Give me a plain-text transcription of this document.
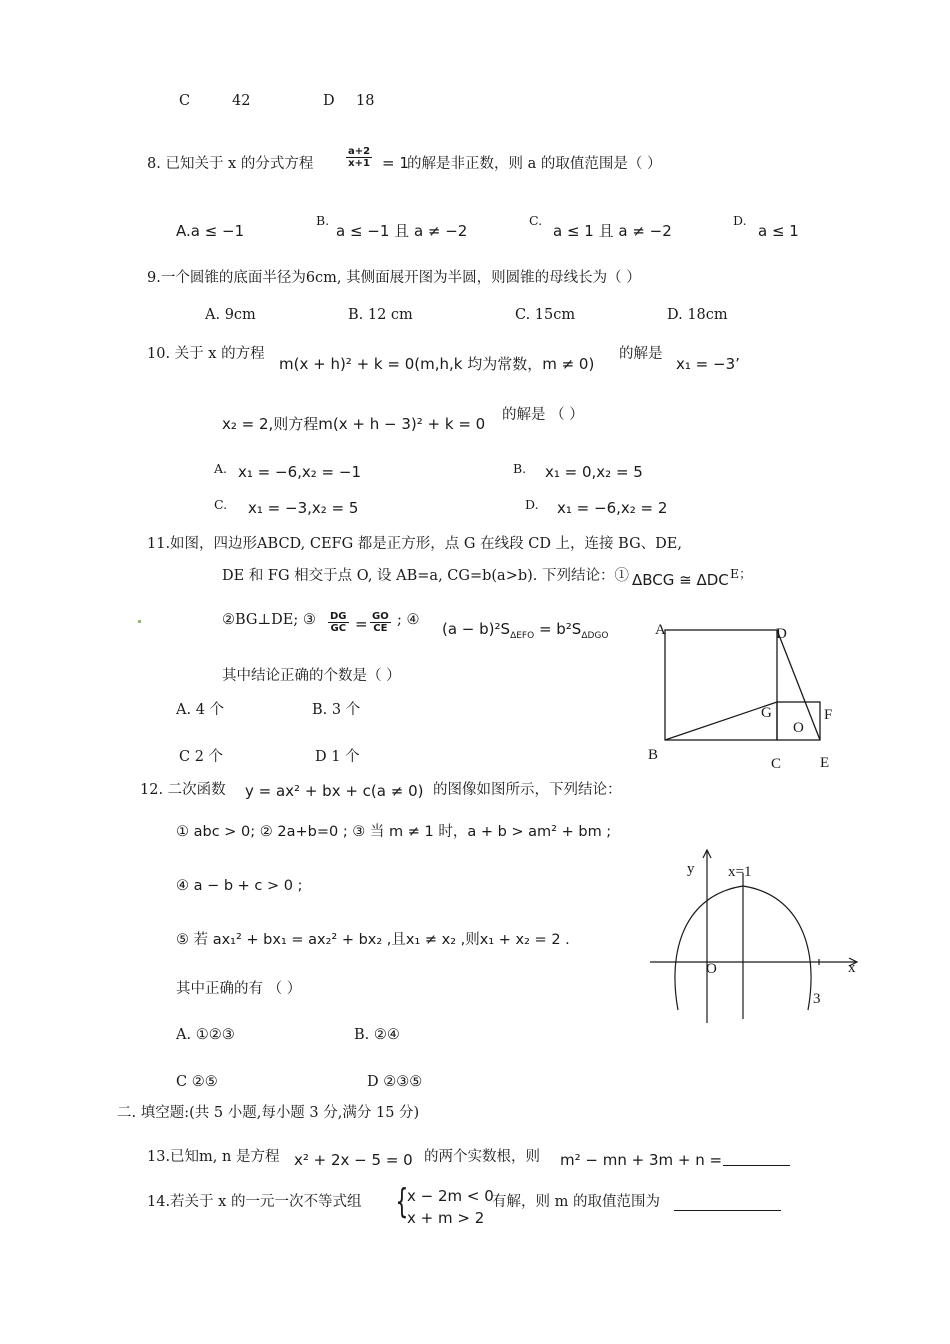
C	42	D 18
8. 已知关于 x 的分式方程	$\frac{a+2}{x+1} = 1$
的解是非正数，则 a 的取值范围是（ ）
A.a ≤ −1
B.
a ≤ −1 且 a ≠ −2
C.
a ≤ 1 且 a ≠ −2
D.
a ≤ 1
9.一个圆锥的底面半径为6cm, 其侧面展开图为半圆，则圆锥的母线长为（ ）
A. 9cm	B. 12 cm	C. 15cm	D. 18cm
10. 关于 x 的方程
m(x + h)² + k = 0(m,h,k 均为常数，m ≠ 0)
的解是
x₁ = −3’
x₂ = 2,则方程m(x + h − 3)² + k = 0 的解是 （ ）
A. x₁ = −6,x₂ = −1	B. x₁ = 0,x₂ = 5
C. x₁ = −3,x₂ = 5	D. x₁ = −6,x₂ = 2
11.如图，四边形ABCD, CEFG 都是正方形，点 G 在线段 CD 上，连接 BG、DE,
DE 和 FG 相交于点 O, 设 AB=a, CG=b(a>b). 下列结论：① ΔBCG ≅ ΔDC E；
②BG⊥DE; ③ $\frac{DG}{GC} = \frac{GO}{CE}$ ; ④ $(a - b)^2S_{\Delta EFO} = b^2S_{\Delta DGO}$
其中结论正确的个数是（ ）
A. 4 个	B. 3 个
C 2 个	D 1 个
A	D
G
O
F
B
C	E
12. 二次函数 y = ax² + bx + c(a ≠ 0) 的图像如图所示，下列结论：
① abc > 0; ② 2a+b=0 ; ③ 当 m ≠ 1 时，a + b > am² + bm ;
④ a − b + c > 0 ;
⑤ 若 ax₁² + bx₁ = ax₂² + bx₂ ,且x₁ ≠ x₂ ,则x₁ + x₂ = 2 .
其中正确的有 （ ）
A. ①②③	B. ②④
C ②⑤	D ②③⑤
y
x
x=1
O
3
二. 填空题:(共 5 小题,每小题 3 分,满分 15 分)
13.已知m, n 是方程 x² + 2x − 5 = 0 的两个实数根，则 m² − mn + 3m + n =
14.若关于 x 的一元一次不等式组 {
x − 2m < 0
x + m > 2
有解，则 m 的取值范围为
